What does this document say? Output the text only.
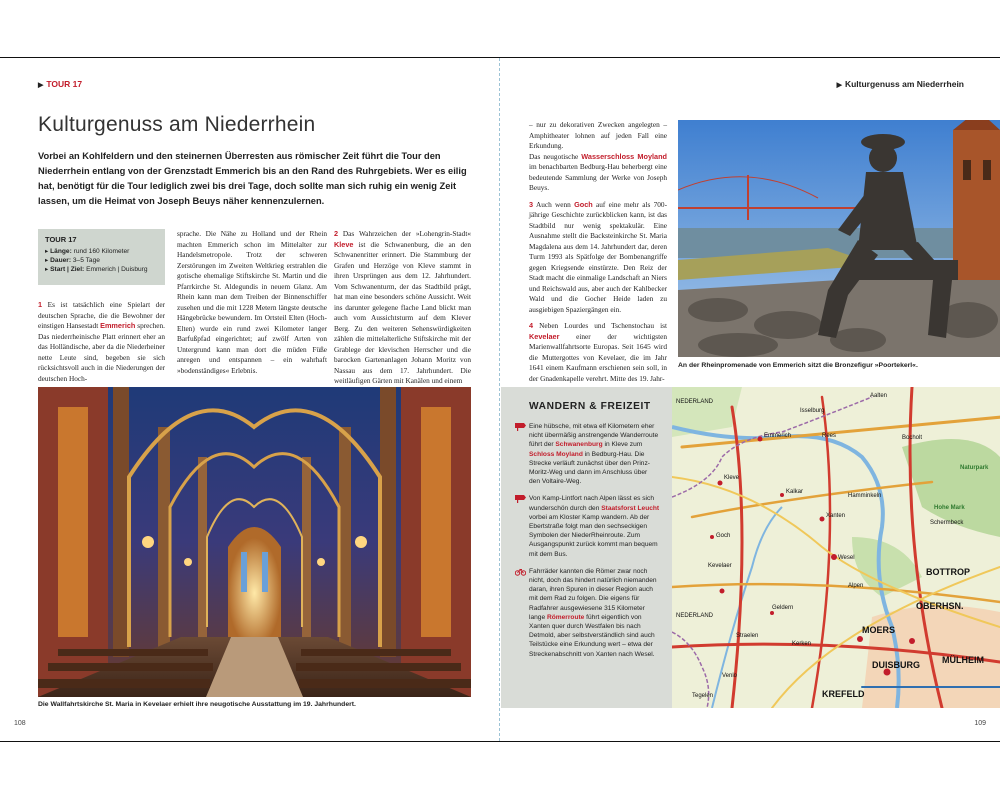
▶ TOUR 17
Kulturgenuss am Niederrhein

Vorbei an Kohlfeldern und den steinernen Überresten aus römischer Zeit führt die Tour den Niederrhein entlang von der Grenzstadt Emmerich bis an den Rand des Ruhrgebiets. Wer es eilig hat, benötigt für die Tour lediglich zwei bis drei Tage, doch sollte man sich ruhig ein wenig Zeit lassen, um die Heimat von Joseph Beuys näher kennenzulernen.

TOUR 17
▸ Länge: rund 160 Kilometer
▸ Dauer: 3–5 Tage
▸ Start | Ziel: Emmerich | Duisburg

1 Es ist tatsächlich eine Spielart der deutschen Sprache, die die Bewohner der einstigen Hansestadt Emmerich sprechen. Das niederrheinische Platt erinnert eher an das Holländische, aber da die Niederheiner nette Leute sind, begeben sie sich rücksichtsvoll auch in die Niederungen der deutschen Hoch-

sprache. Die Nähe zu Holland und der Rhein machten Emmerich schon im Mittelalter zur Handelsmetropole. Trotz der schweren Zerstörungen im Zweiten Weltkrieg erstrahlen die gotische ehemalige Stiftskirche St. Martin und die Pfarrkirche St. Aldegundis in neuem Glanz. Am Rhein kann man dem Treiben der Binnenschiffer zusehen und die mit 1228 Metern längste deutsche Hängebrücke bewundern. Im Ortsteil Elten (Hoch-Elten) wurde ein rund zwei Kilometer langer Barfußpfad eingerichtet; auf zwölf Arten von Untergrund kann man dort die müden Füße anregen und entspannen – ein wahrhaft »bodenständiges« Erlebnis.

2 Das Wahrzeichen der »Lohengrin-Stadt« Kleve ist die Schwanenburg, die an den Schwanenritter erinnert. Die Stammburg der Grafen und Herzöge von Kleve stammt in ihren Ursprüngen aus dem 12. Jahrhundert. Vom Schwanenturm, der das Stadtbild prägt, hat man eine besonders schöne Aussicht. Weit ins darunter gelegene flache Land blickt man auch vom Aussichtsturm auf dem Klever Berg. Zu den weiteren Sehenswürdigkeiten zählen die mittelalterliche Stiftskirche mit der Grablege der klevischen Herrscher und die barocken Gartenanlagen Johann Moritz von Nassau aus dem 17. Jahrhundert. Die weitläufigen Gärten mit Kanälen und einem

Die Wallfahrtskirche St. Maria in Kevelaer erhielt ihre neugotische Ausstattung im 19. Jahrhundert.
108
▶ Kulturgenuss am Niederrhein

– nur zu dekorativen Zwecken angelegten – Amphitheater lohnen auf jeden Fall eine Erkundung.

Das neugotische Wasserschloss Moyland im benachbarten Bedburg-Hau beherbergt eine bedeutende Sammlung der Werke von Joseph Beuys.

3 Auch wenn Goch auf eine mehr als 700-jährige Geschichte zurückblicken kann, ist das Stadtbild nur wenig spektakulär. Eine Ausnahme stellt die Backsteinkirche St. Maria Magdalena aus dem 14. Jahrhundert dar, deren Turm 1993 als Spätfolge der Bombenangriffe gegen Kriegsende einstürzte. Den Reiz der Stadt macht die einmalige Landschaft an Niers und Reichswald aus, aber auch der Kahlbecker Wald und die Gocher Heide laden zu ausgiebigen Spaziergängen ein.

4 Neben Lourdes und Tschenstochau ist Kevelaer einer der wichtigsten Marienwallfahrtsorte Europas. Seit 1645 wird die Muttergottes von Kevelaer, die im Jahr 1641 einem Kaufmann erschienen sein soll, in der Gnadenkapelle verehrt. Mitte des 19. Jahr-

An der Rheinpromenade von Emmerich sitzt die Bronzefigur »Poortekerl«.
WANDERN & FREIZEIT
Eine hübsche, mit etwa elf Kilometern eher nicht übermäßig anstrengende Wanderroute führt der Schwanenburg in Kleve zum Schloss Moyland in Bedburg-Hau. Die Strecke verläuft zunächst über den Prinz-Moritz-Weg und dann im Anschluss über den Voltaire-Weg.
Von Kamp-Lintfort nach Alpen lässt es sich wunderschön durch den Staatsforst Leucht vorbei am Kloster Kamp wandern. Ab der Ebertstraße folgt man den sechseckigen Symbolen der NiederRheinroute. Zum Ausgangspunkt zurück kommt man bequem mit dem Bus.
Fahrräder kannten die Römer zwar noch nicht, doch das hindert natürlich niemanden daran, ihren Spuren in dieser Region auch mit dem Rad zu folgen. Die eigens für Radfahrer ausgewiesene 315 Kilometer lange Römerroute führt eigentlich von Xanten quer durch Westfalen bis nach Detmold, aber selbstverständlich sind auch Teilstücke eine Erkundung wert – etwa der Streckenabschnitt von Xanten nach Wesel.
NEDERLAND
NEDERLAND
Emmerich
Aalten
Rees
Isselburg
Bocholt
Kleve
Kalkar
Hamminkeln
Naturpark
Hohe Mark
Schermbeck
Xanten
Wesel
Goch
Kevelaer
Alpen
Geldern
Straelen
Kerken
Venlo
Tegelen
BOTTROP
OBERHSN.
MOERS
DUISBURG MÜLHEIM
KREFELD
109
